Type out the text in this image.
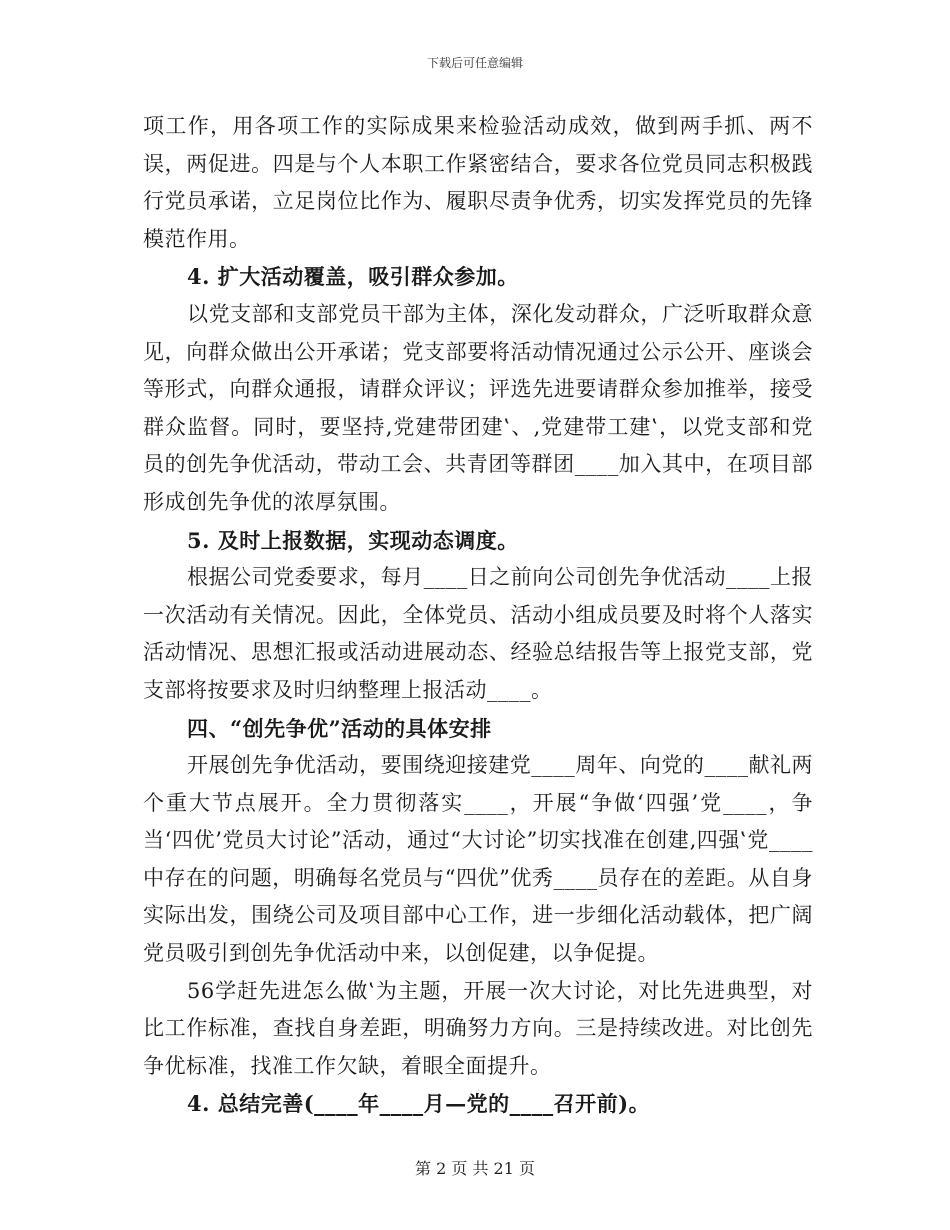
下载后可任意编辑

项工作，用各项工作的实际成果来检验活动成效，做到两手抓、两不误，两促进。四是与个人本职工作紧密结合，要求各位党员同志积极践行党员承诺，立足岗位比作为、履职尽责争优秀，切实发挥党员的先锋模范作用。

4. 扩大活动覆盖，吸引群众参加。

以党支部和支部党员干部为主体，深化发动群众，广泛听取群众意见，向群众做出公开承诺；党支部要将活动情况通过公示公开、座谈会等形式，向群众通报，请群众评议；评选先进要请群众参加推举，接受群众监督。同时，要坚持‚党建带团建‛、‚党建带工建‛，以党支部和党员的创先争优活动，带动工会、共青团等群团____加入其中，在项目部形成创先争优的浓厚氛围。

5. 及时上报数据，实现动态调度。

根据公司党委要求，每月____日之前向公司创先争优活动____上报一次活动有关情况。因此，全体党员、活动小组成员要及时将个人落实活动情况、思想汇报或活动进展动态、经验总结报告等上报党支部，党支部将按要求及时归纳整理上报活动____。

四、“创先争优”活动的具体安排

开展创先争优活动，要围绕迎接建党____周年、向党的____献礼两个重大节点展开。全力贯彻落实____，开展“争做‘四强’党____，争当‘四优’党员大讨论”活动，通过“大讨论”切实找准在创建‚四强‛党____中存在的问题，明确每名党员与“四优”优秀____员存在的差距。从自身实际出发，围绕公司及项目部中心工作，进一步细化活动载体，把广阔党员吸引到创先争优活动中来，以创促建，以争促提。

56学赶先进怎么做‛为主题，开展一次大讨论，对比先进典型，对比工作标准，查找自身差距，明确努力方向。三是持续改进。对比创先争优标准，找准工作欠缺，着眼全面提升。

4. 总结完善(____年____月—党的____召开前)。

第 2 页 共 21 页
